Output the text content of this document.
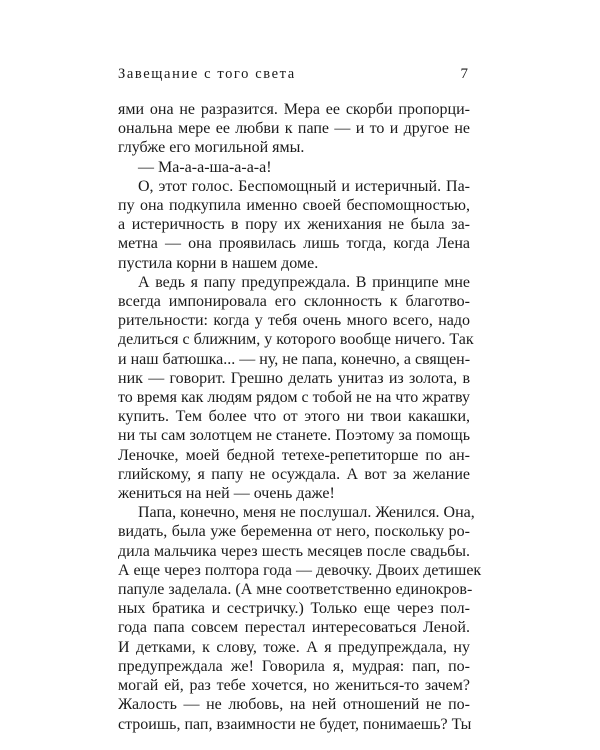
Завещание с того света	7

ями она не разразится. Мера ее скорби пропорци-
ональна мере ее любви к папе — и то и другое не
глубже его могильной ямы.

— Ма-а-а-ша-а-а-а!

О, этот голос. Беспомощный и истеричный. Па-
пу она подкупила именно своей беспомощностью,
а истеричность в пору их женихания не была за-
метна — она проявилась лишь тогда, когда Лена
пустила корни в нашем доме.

А ведь я папу предупреждала. В принципе мне
всегда импонировала его склонность к благотво-
рительности: когда у тебя очень много всего, надо
делиться с ближним, у которого вообще ничего. Так
и наш батюшка... — ну, не папа, конечно, а священ-
ник — говорит. Грешно делать унитаз из золота, в
то время как людям рядом с тобой не на что жратву
купить. Тем более что от этого ни твои какашки,
ни ты сам золотцем не станете. Поэтому за помощь
Леночке, моей бедной тетехе-репетиторше по ан-
глийскому, я папу не осуждала. А вот за желание
жениться на ней — очень даже!

Папа, конечно, меня не послушал. Женился. Она,
видать, была уже беременна от него, поскольку ро-
дила мальчика через шесть месяцев после свадьбы.
А еще через полтора года — девочку. Двоих детишек
папуле заделала. (А мне соответственно единокров-
ных братика и сестричку.) Только еще через пол-
года папа совсем перестал интересоваться Леной.
И детками, к слову, тоже. А я предупреждала, ну
предупреждала же! Говорила я, мудрая: пап, по-
могай ей, раз тебе хочется, но жениться-то зачем?
Жалость — не любовь, на ней отношений не по-
строишь, пап, взаимности не будет, понимаешь? Ты
